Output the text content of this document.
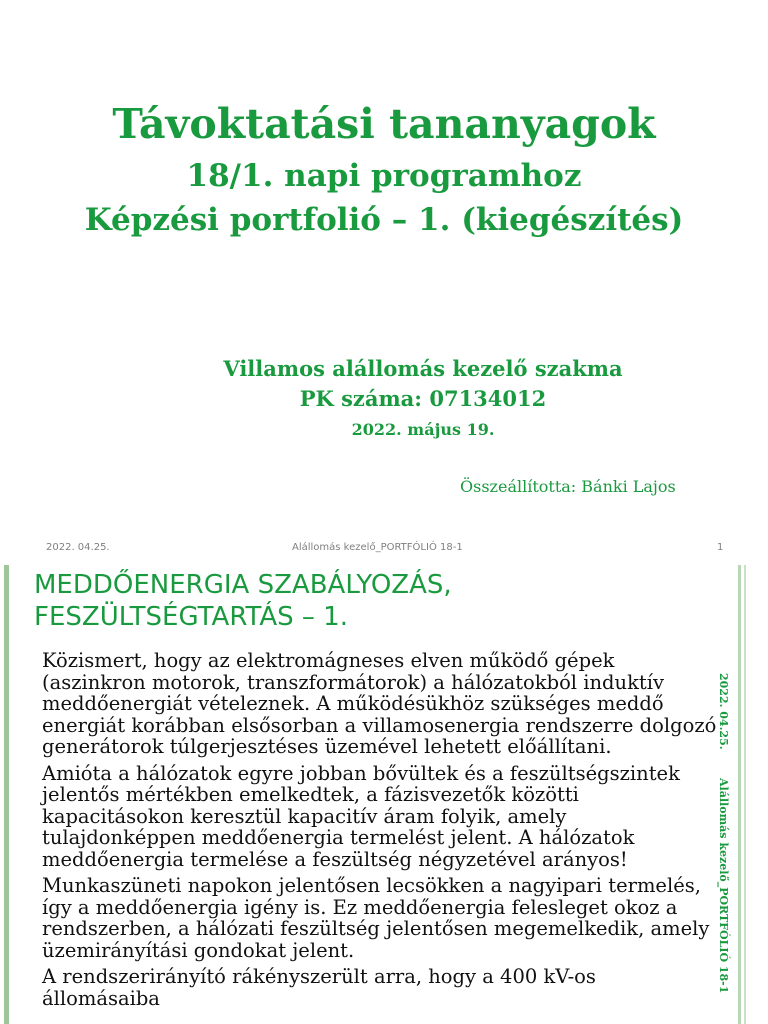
Távoktatási tananyagok
18/1. napi programhoz
Képzési portfolió – 1. (kiegészítés)
Villamos alállomás kezelő szakma
PK száma: 07134012
2022. május 19.
Összeállította: Bánki Lajos
2022. 04.25.	Alállomás kezelő_PORTFÓLIÓ 18-1	1
MEDDŐENERGIA SZABÁLYOZÁS,
FESZÜLTSÉGTARTÁS – 1.

Közismert, hogy az elektromágneses elven működő gépek (aszinkron motorok, transzformátorok) a hálózatokból induktív meddőenergiát vételeznek. A működésükhöz szükséges meddő energiát korábban elsősorban a villamosenergia rendszerre dolgozó generátorok túlgerjesztéses üzemével lehetett előállítani.

Amióta a hálózatok egyre jobban bővültek és a feszültségszintek jelentős mértékben emelkedtek, a fázisvezetők közötti kapacitásokon keresztül kapacitív áram folyik, amely tulajdonképpen meddőenergia termelést jelent. A hálózatok meddőenergia termelése a feszültség négyzetével arányos!

Munkaszüneti napokon jelentősen lecsökken a nagyipari termelés, így a meddőenergia igény is. Ez meddőenergia felesleget okoz a rendszerben, a hálózati feszültség jelentősen megemelkedik, amely üzemirányítási gondokat jelent.

A rendszerirányító rákényszerült arra, hogy a 400 kV-os állomásaiba

2022. 04.25.
Alállomás kezelő_PORTFÓLIÓ 18-1
